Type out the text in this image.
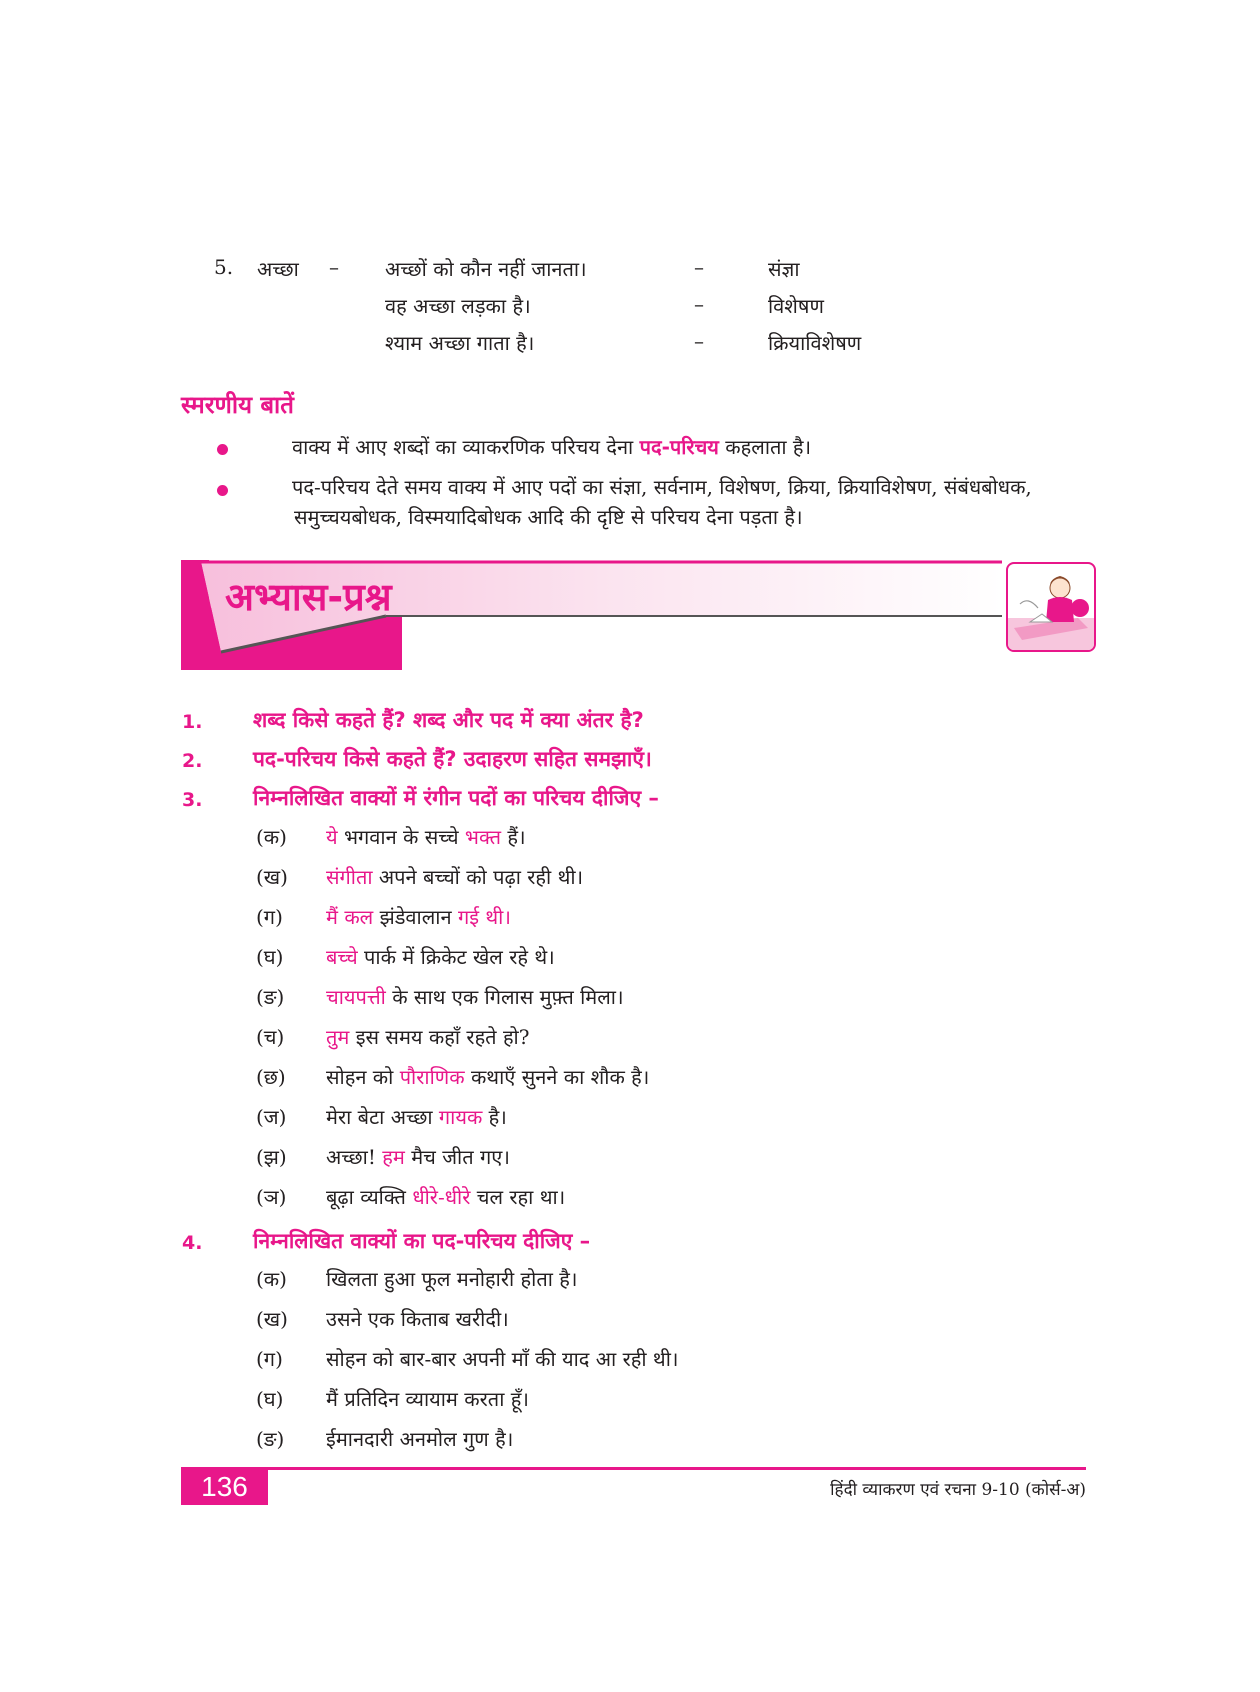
5. अच्छा – अच्छों को कौन नहीं जानता।	–	संज्ञा
वह अच्छा लड़का है।	–	विशेषण
श्याम अच्छा गाता है।	–	क्रियाविशेषण
स्मरणीय बातें
वाक्य में आए शब्दों का व्याकरणिक परिचय देना पद-परिचय कहलाता है।
पद-परिचय देते समय वाक्य में आए पदों का संज्ञा, सर्वनाम, विशेषण, क्रिया, क्रियाविशेषण, संबंधबोधक,
समुच्चयबोधक, विस्मयादिबोधक आदि की दृष्टि से परिचय देना पड़ता है।
अभ्यास-प्रश्न
1. शब्द किसे कहते हैं? शब्द और पद में क्या अंतर है?
2. पद-परिचय किसे कहते हैं? उदाहरण सहित समझाएँ।
3. निम्नलिखित वाक्यों में रंगीन पदों का परिचय दीजिए –
(क) ये भगवान के सच्चे भक्त हैं।
(ख) संगीता अपने बच्चों को पढ़ा रही थी।
(ग) मैं कल झंडेवालान गई थी।
(घ) बच्चे पार्क में क्रिकेट खेल रहे थे।
(ङ) चायपत्ती के साथ एक गिलास मुफ़्त मिला।
(च) तुम इस समय कहाँ रहते हो?
(छ) सोहन को पौराणिक कथाएँ सुनने का शौक है।
(ज) मेरा बेटा अच्छा गायक है।
(झ) अच्छा! हम मैच जीत गए।
(ञ) बूढ़ा व्यक्ति धीरे-धीरे चल रहा था।
4. निम्नलिखित वाक्यों का पद-परिचय दीजिए –
(क) खिलता हुआ फूल मनोहारी होता है।
(ख) उसने एक किताब खरीदी।
(ग) सोहन को बार-बार अपनी माँ की याद आ रही थी।
(घ) मैं प्रतिदिन व्यायाम करता हूँ।
(ङ) ईमानदारी अनमोल गुण है।
136	हिंदी व्याकरण एवं रचना 9-10 (कोर्स-अ)
